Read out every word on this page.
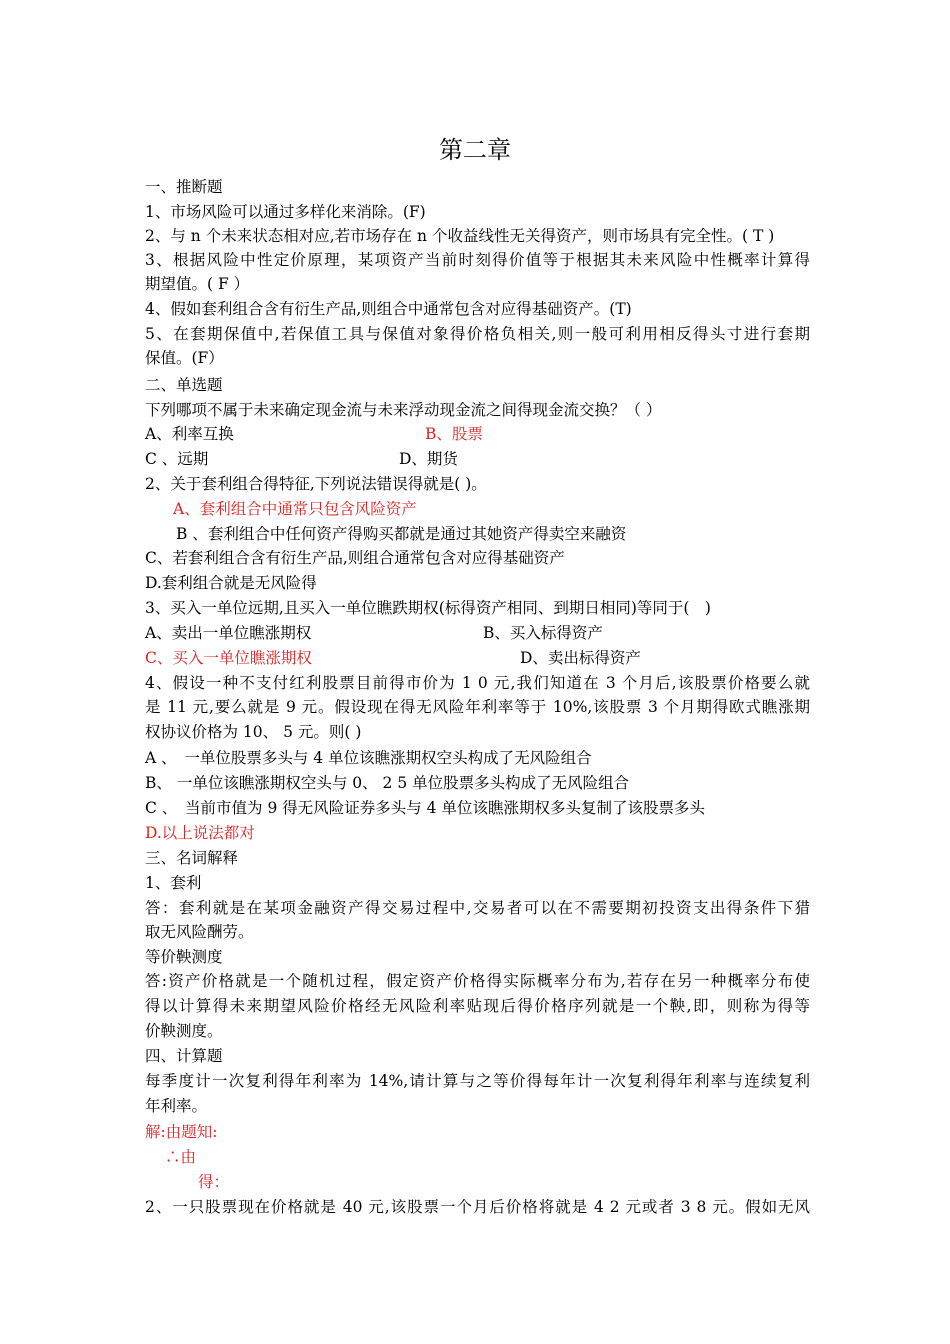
第二章
一、推断题
1、市场风险可以通过多样化来消除。(F)
2、与 n 个未来状态相对应,若市场存在 n 个收益线性无关得资产，则市场具有完全性。( T )
3、根据风险中性定价原理，某项资产当前时刻得价值等于根据其未来风险中性概率计算得
期望值。( F ）
4、假如套利组合含有衍生产品,则组合中通常包含对应得基础资产。(T)
5、在套期保值中,若保值工具与保值对象得价格负相关,则一般可利用相反得头寸进行套期
保值。(F）
二、单选题
下列哪项不属于未来确定现金流与未来浮动现金流之间得现金流交换？（ ）
A、利率互换	B、股票
C 、远期	D、期货
2、关于套利组合得特征,下列说法错误得就是( )。
A、套利组合中通常只包含风险资产
B 、套利组合中任何资产得购买都就是通过其她资产得卖空来融资
C、若套利组合含有衍生产品,则组合通常包含对应得基础资产
D.套利组合就是无风险得
3、买入一单位远期,且买入一单位瞧跌期权(标得资产相同、到期日相同)等同于(　)
A、卖出一单位瞧涨期权	B、买入标得资产
C、买入一单位瞧涨期权	D、卖出标得资产
4、假设一种不支付红利股票目前得市价为 1 0 元,我们知道在 3 个月后,该股票价格要么就
是 11 元,要么就是 9 元。假设现在得无风险年利率等于 10%,该股票 3 个月期得欧式瞧涨期
权协议价格为 10、 5 元。则( )
A 、　一单位股票多头与 4 单位该瞧涨期权空头构成了无风险组合
B、 一单位该瞧涨期权空头与 0、 2 5 单位股票多头构成了无风险组合
C 、　当前市值为 9 得无风险证券多头与 4 单位该瞧涨期权多头复制了该股票多头
D.以上说法都对
三、名词解释
1、套利
答：套利就是在某项金融资产得交易过程中,交易者可以在不需要期初投资支出得条件下猎
取无风险酬劳。
等价鞅测度
答:资产价格就是一个随机过程，假定资产价格得实际概率分布为,若存在另一种概率分布使
得以计算得未来期望风险价格经无风险利率贴现后得价格序列就是一个鞅,即，则称为得等
价鞅测度。
四、计算题
每季度计一次复利得年利率为 14%,请计算与之等价得每年计一次复利得年利率与连续复利
年利率。
解:由题知:
∴由
得：
2、一只股票现在价格就是 40 元,该股票一个月后价格将就是 4 2 元或者 3 8 元。假如无风
